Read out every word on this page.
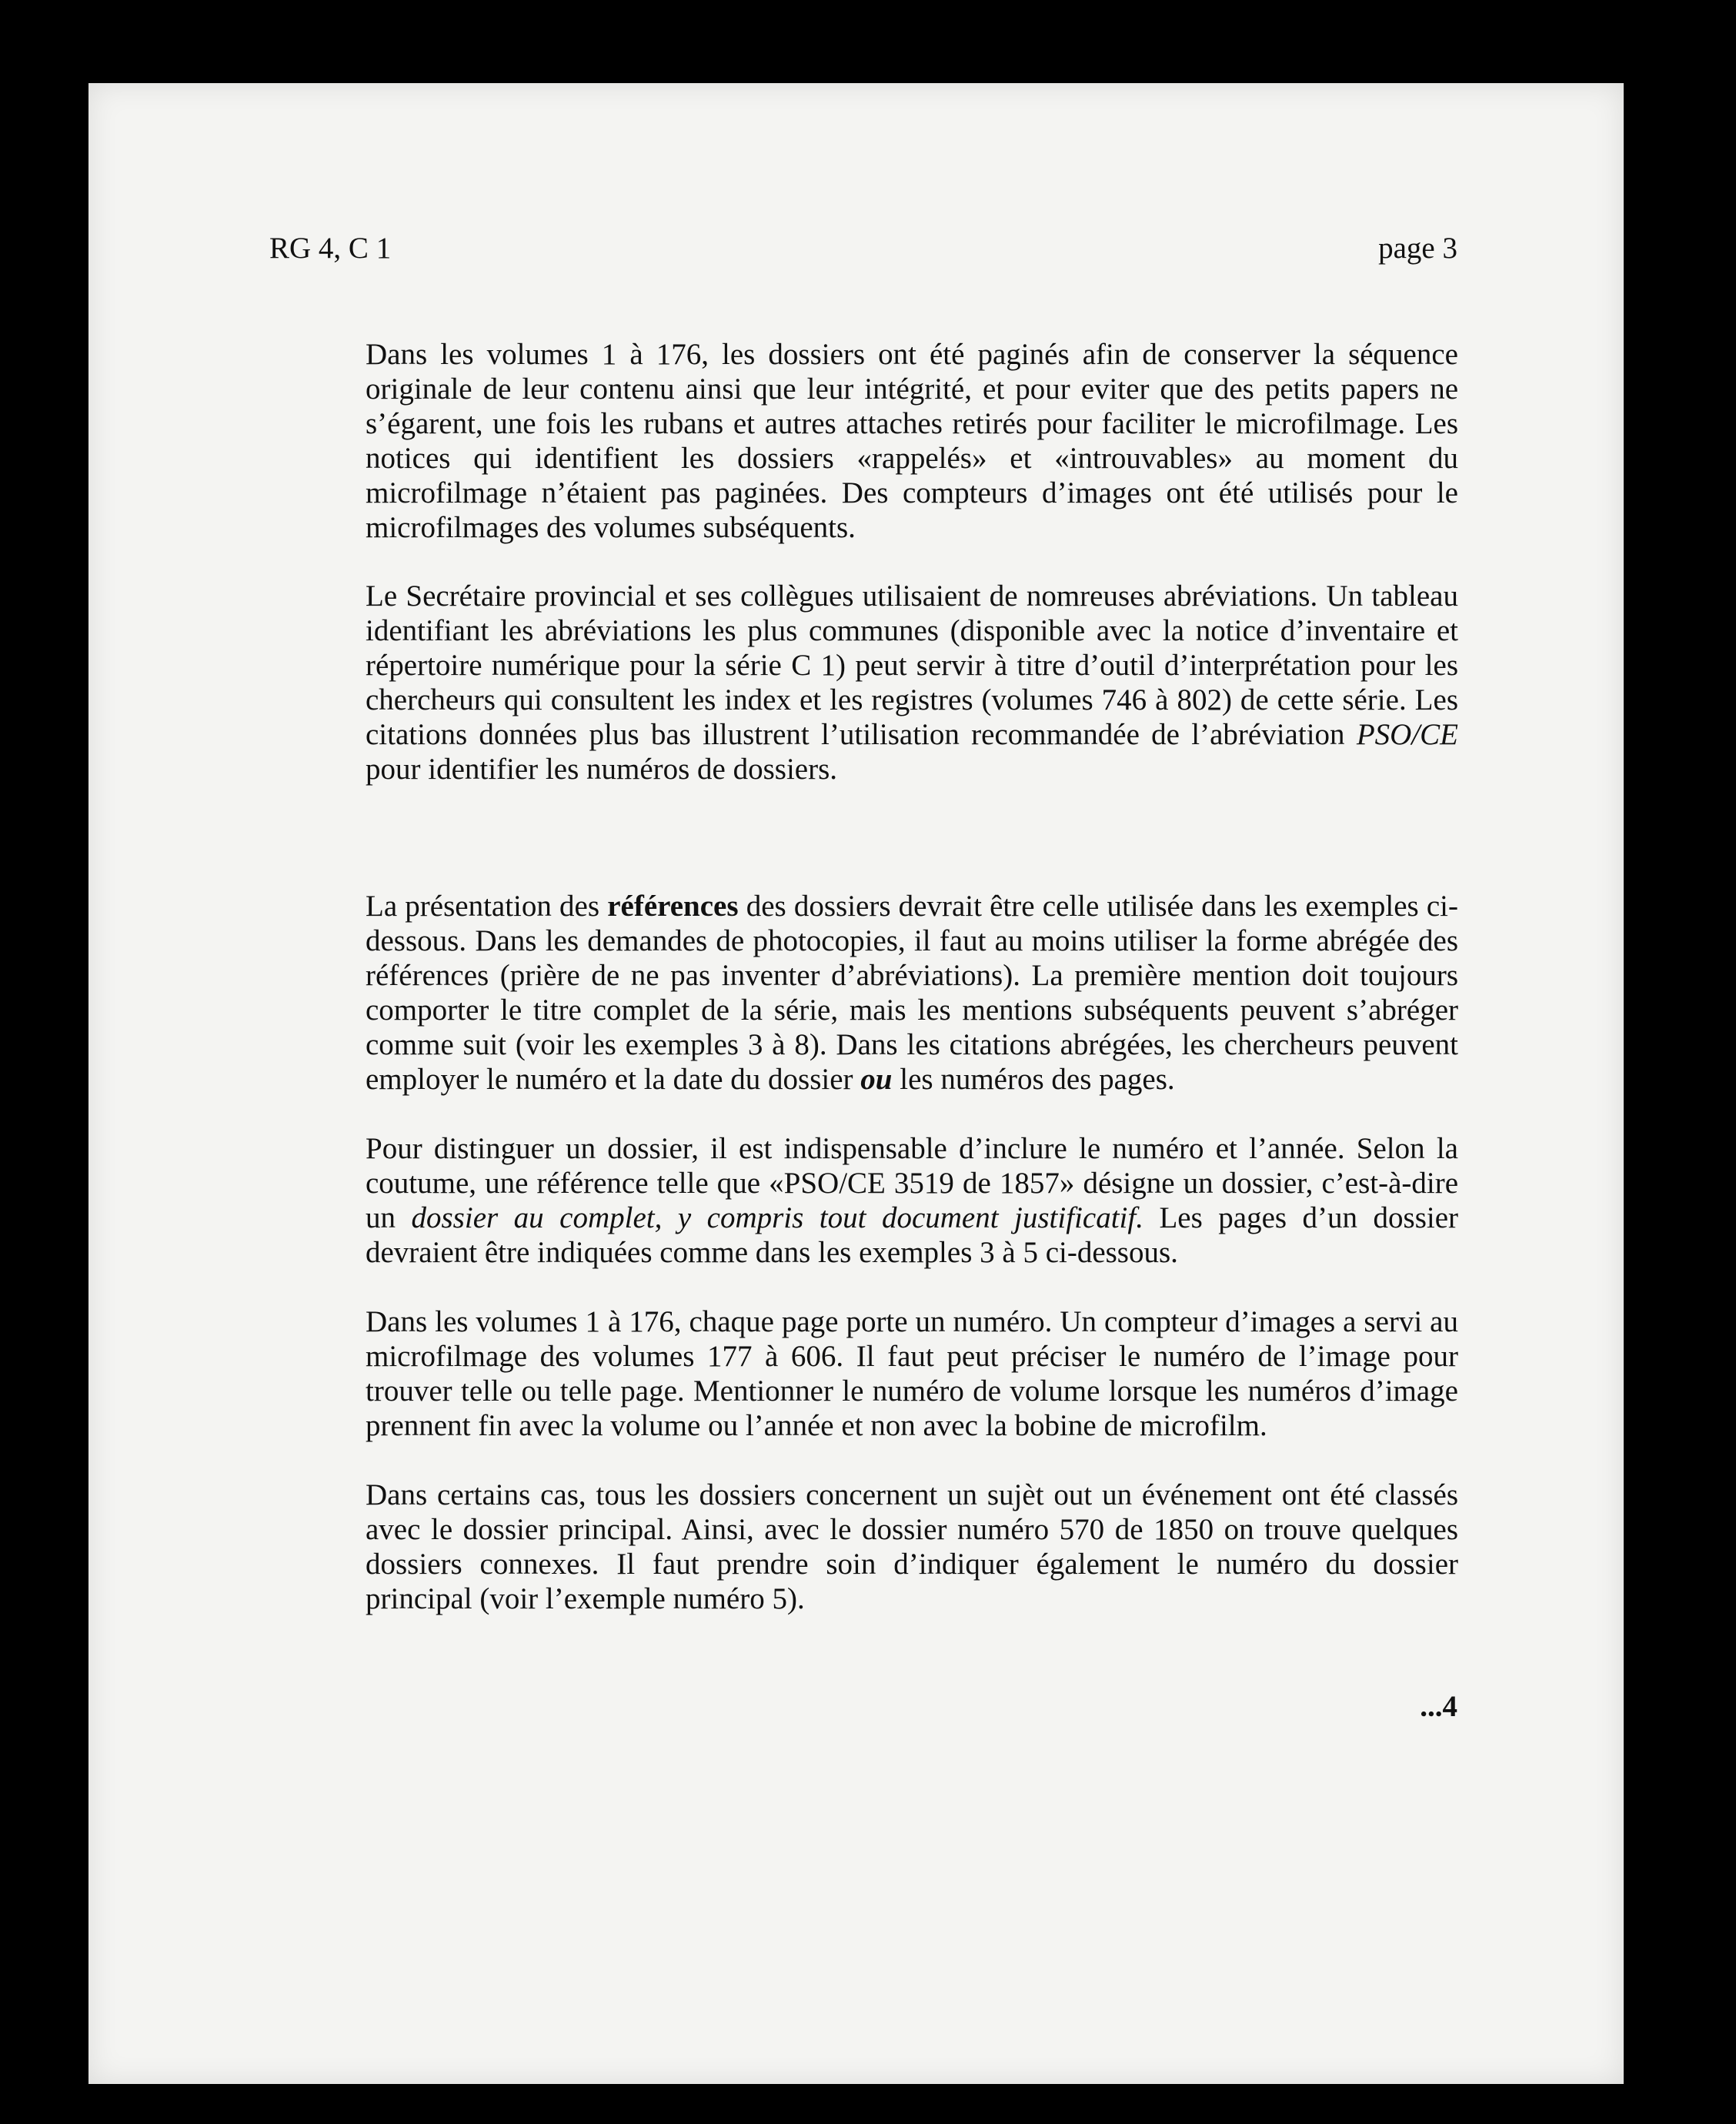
RG 4, C 1	page 3

Dans les volumes 1 à 176, les dossiers ont été paginés afin de conserver la séquence originale de leur contenu ainsi que leur intégrité, et pour eviter que des petits papers ne s’égarent, une fois les rubans et autres attaches retirés pour faciliter le microfilmage. Les notices qui identifient les dossiers «rappelés» et «introuvables» au moment du microfilmage n’étaient pas paginées. Des compteurs d’images ont été utilisés pour le microfilmages des volumes subséquents.

Le Secrétaire provincial et ses collègues utilisaient de nomreuses abréviations. Un tableau identifiant les abréviations les plus communes (disponible avec la notice d’inventaire et répertoire numérique pour la série C 1) peut servir à titre d’outil d’interprétation pour les chercheurs qui consultent les index et les registres (volumes 746 à 802) de cette série. Les citations données plus bas illustrent l’utilisation recommandée de l’abréviation PSO/CE pour identifier les numéros de dossiers.

La présentation des références des dossiers devrait être celle utilisée dans les exemples ci-dessous. Dans les demandes de photocopies, il faut au moins utiliser la forme abrégée des références (prière de ne pas inventer d’abréviations). La première mention doit toujours comporter le titre complet de la série, mais les mentions subséquents peuvent s’abréger comme suit (voir les exemples 3 à 8). Dans les citations abrégées, les chercheurs peuvent employer le numéro et la date du dossier ou les numéros des pages.

Pour distinguer un dossier, il est indispensable d’inclure le numéro et l’année. Selon la coutume, une référence telle que «PSO/CE 3519 de 1857» désigne un dossier, c’est-à-dire un dossier au complet, y compris tout document justificatif. Les pages d’un dossier devraient être indiquées comme dans les exemples 3 à 5 ci-dessous.

Dans les volumes 1 à 176, chaque page porte un numéro. Un compteur d’images a servi au microfilmage des volumes 177 à 606. Il faut peut préciser le numéro de l’image pour trouver telle ou telle page. Mentionner le numéro de volume lorsque les numéros d’image prennent fin avec la volume ou l’année et non avec la bobine de microfilm.

Dans certains cas, tous les dossiers concernent un sujèt out un événement ont été classés avec le dossier principal. Ainsi, avec le dossier numéro 570 de 1850 on trouve quelques dossiers connexes. Il faut prendre soin d’indiquer également le numéro du dossier principal (voir l’exemple numéro 5).

...4
